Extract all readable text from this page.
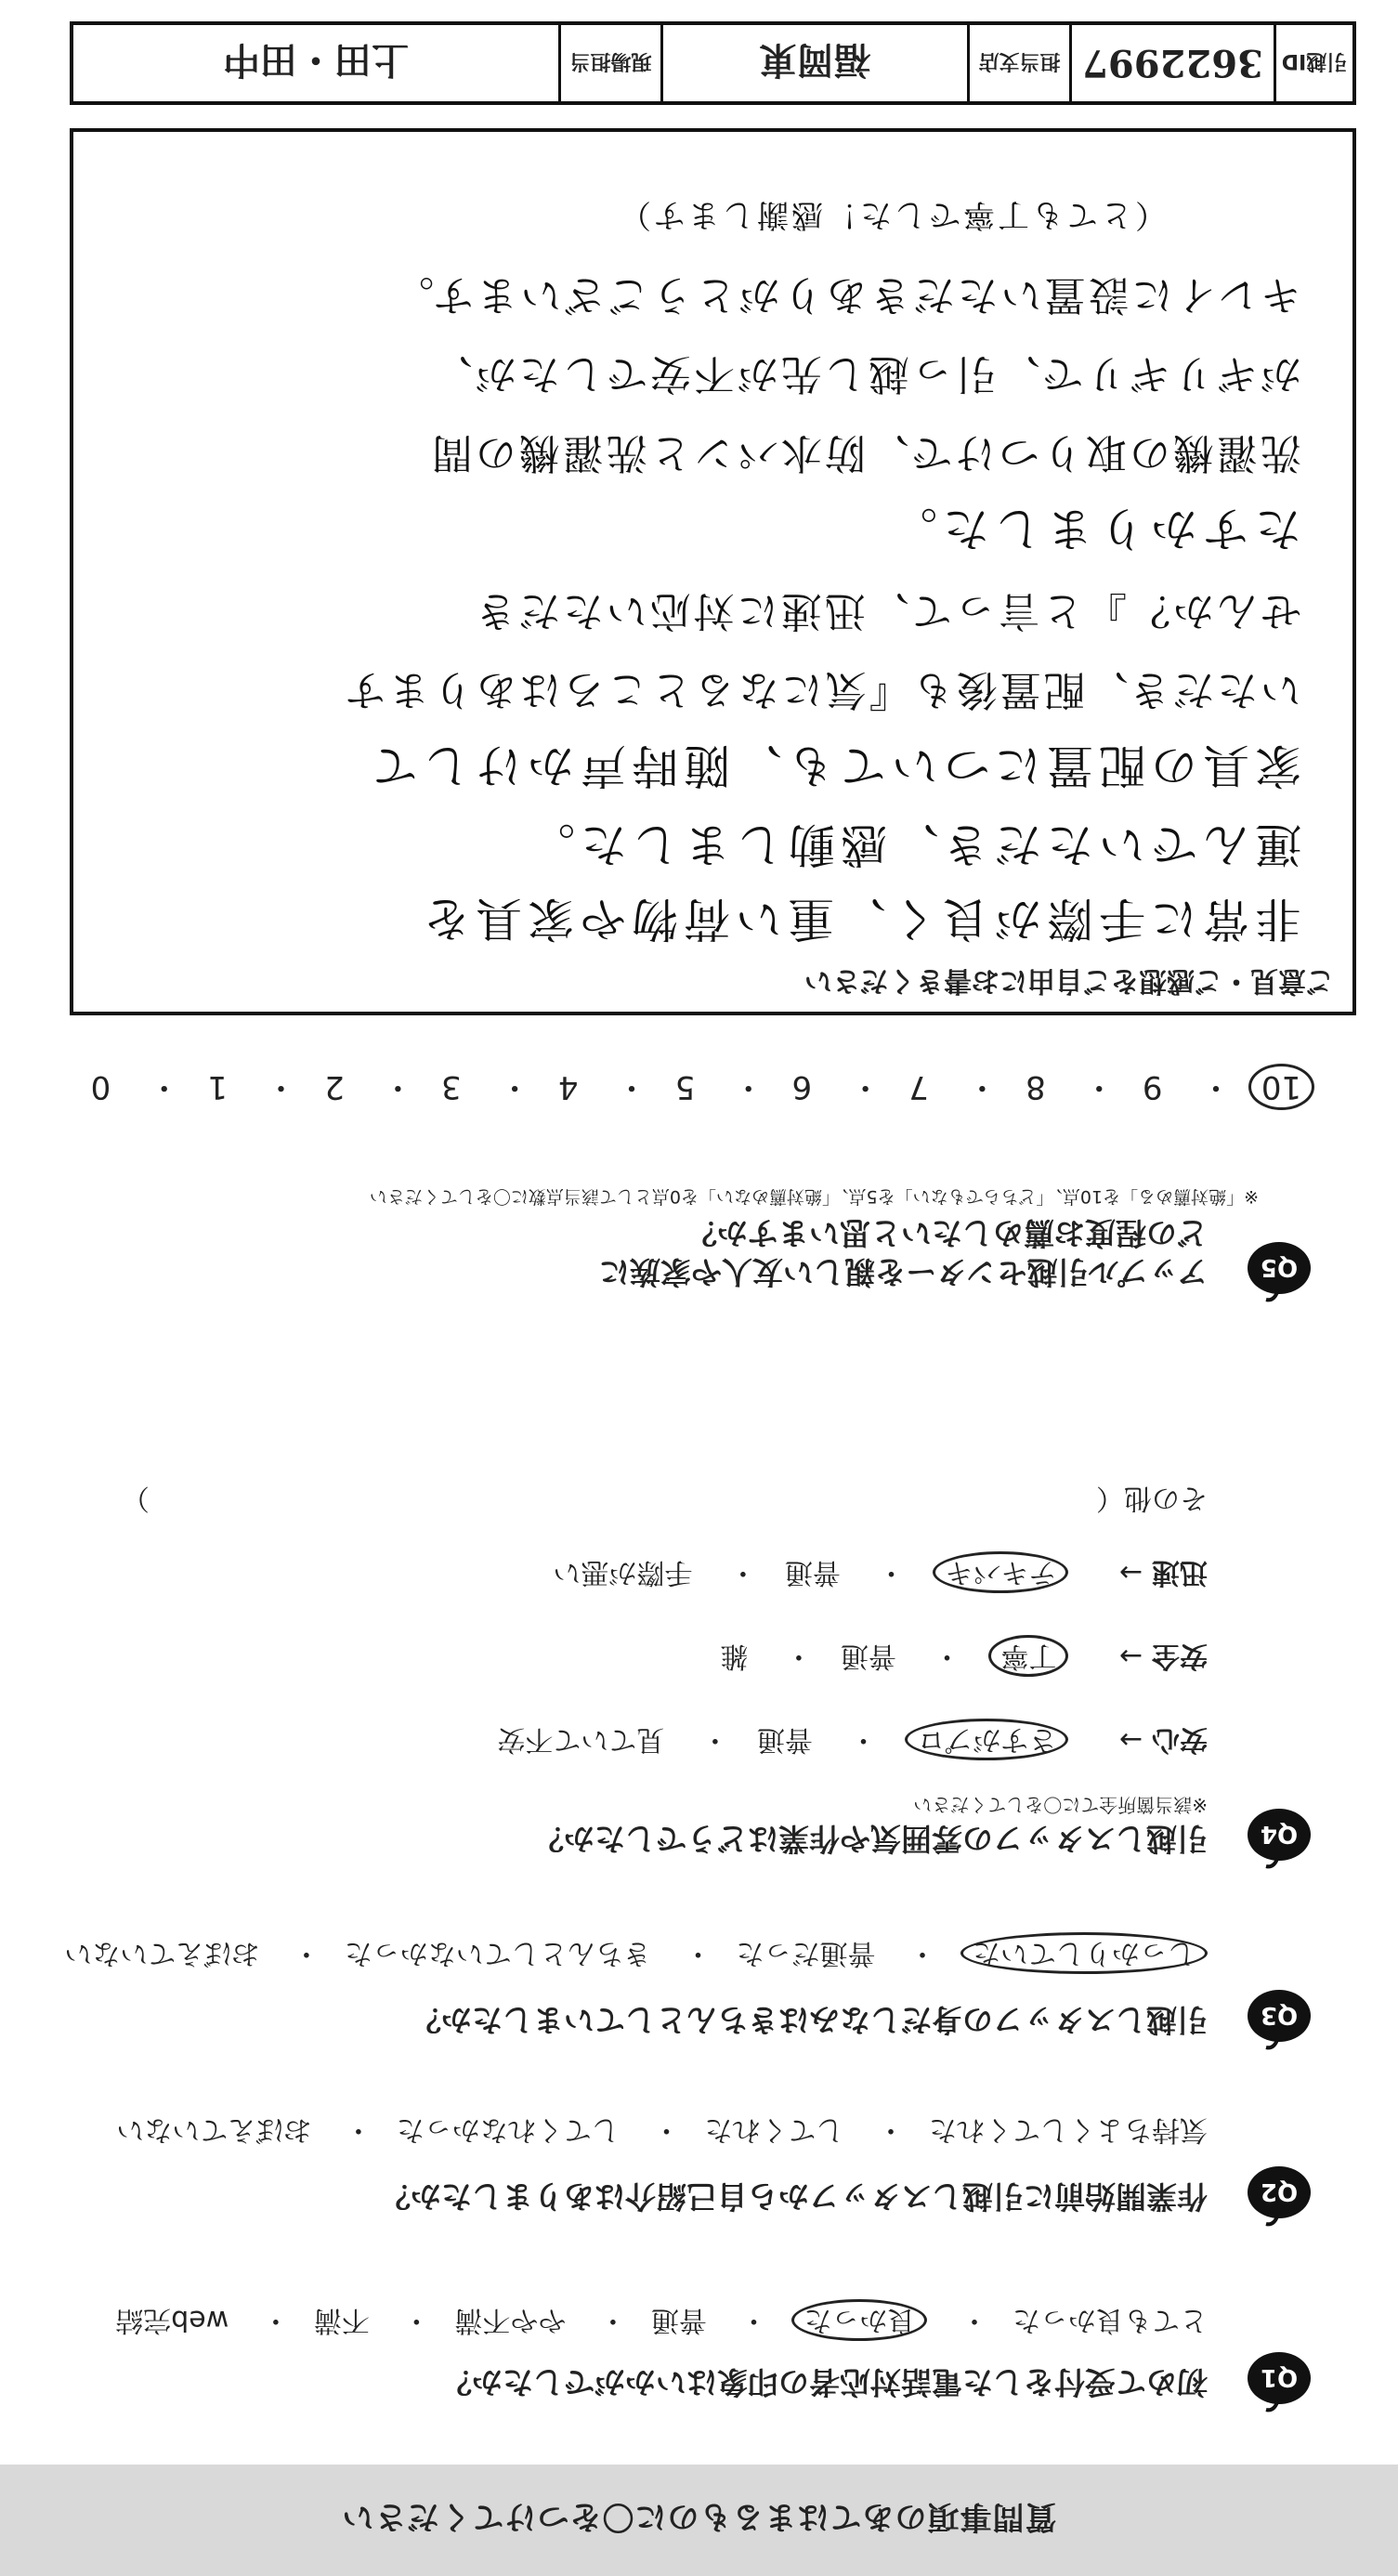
質問事項のあてはまるものに〇をつけてください
Q1
初めて受付をした電話対応者の印象はいかがでしたか？
とても良かった・ 良かった・ 普通・ やや不満・ 不満・ web完結
Q2
作業開始前に引越しスタッフから自己紹介はありましたか？
気持ちよくしてくれた・ してくれた・ してくれなかった・ おぼえていない
Q3
引越しスタッフの身だしなみはきちんとしていましたか？
しっかりしていた・ 普通だった・ きちんとしていなかった・ おぼえていない
Q4
引越しスタッフの雰囲気や作業はどうでしたか？
※該当箇所全てに〇をしてください
安心→ さすがプロ・ 普通・ 見ていて不安
安全→ 丁寧・ 普通・ 雑
迅速→ テキパキ・ 普通・ 手際が悪い
その他（  ）
Q5
アップル引越センターを親しい友人や家族に
どの程度お薦めしたいと思いますか？
※「絶対薦める」を10点、「どちらでもない」を5点、「絶対薦めない」を0点として該当点数に〇をしてください
10・ 9・ 8・ 7・ 6・ 5・ 4・ 3・ 2・ 1・ 0
ご意見・ご感想をご自由にお書きください
非常に手際が良く、重い荷物や家具を
運んでいただき、感動しました。
家具の配置についても、随時声かけして
いただき、配置後も『気になるところはあります
せんか？』と言って、迅速に対応いただき
たすかりました。
洗濯機の取りつけで、防水パンと洗濯機の間
がギリギリで、引っ越し先が不安でしたが、
キレイに設置いただきありがとうございます。
（とても丁寧でした！感謝します）
引越ID
3622997
担当支店
福岡東
現場担当
上田・田中
